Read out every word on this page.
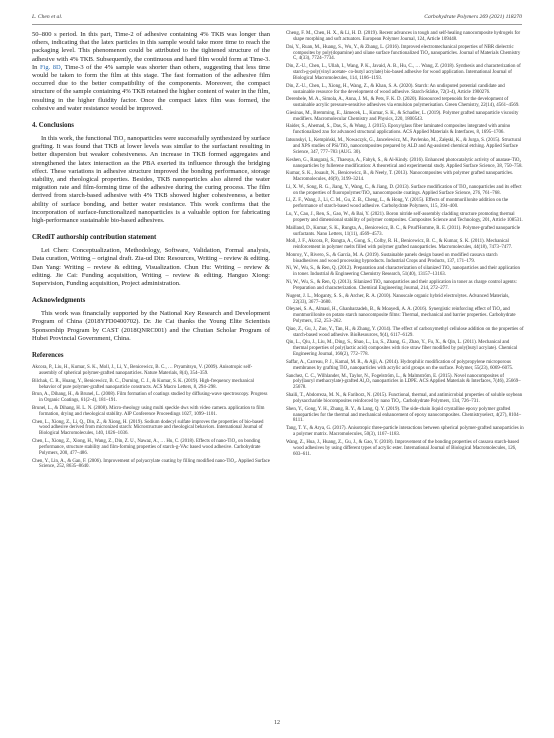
L. Chen et al.	Carbohydrate Polymers 269 (2021) 118270

50–800 s period. In this part, Time-2 of adhesive containing 4% TKB was longer than others, indicating that the latex particles in this sample would take more time to reach the packaging level. This phenomenon could be attributed to the tightened structure of the adhesive with 4% TKB. Subsequently, the continuous and hard film would form at Time-3. In Fig. 8D, Time-3 of the 4% sample was shorter than others, suggesting that less time would be taken to form the film at this stage. The fast formation of the adhesive film occurred due to the better compatibility of the components. Moreover, the compact structure of the sample containing 4% TKB retained the higher content of water in the film, resulting in the higher fluidity factor. Once the compact latex film was formed, the cohesive and water resistance would be improved.

4. Conclusions

In this work, the functional TiO₂ nanoparticles were successfully synthesized by surface grafting. It was found that TKB at lower levels was similar to the surfactant resulting in better dispersion but weaker cohesiveness. An increase in TKB formed aggregates and strengthened the latex interaction as the PBA exerted its influence through the bridging effect. These variations in adhesive structure improved the bonding performance, storage stability, and rheological properties. Besides, TKB nanoparticles also altered the water migration rate and film-forming time of the adhesive during the curing process. The film derived from starch-based adhesive with 4% TKB showed higher cohesiveness, a better ability of surface bonding, and better water resistance. This work confirms that the incorporation of surface-functionalized nanoparticles is a valuable option for fabricating high-performance sustainable bio-based adhesives.

CRediT authorship contribution statement

Lei Chen: Conceptualization, Methodology, Software, Validation, Formal analysis, Data curation, Writing – original draft. Zia-ud Din: Resources, Writing – review & editing. Dan Yang: Writing – review & editing, Visualization. Chun Hu: Writing – review & editing. Jie Cai: Funding acquisition, Writing – review & editing. Hanguo Xiong: Supervision, Funding acquisition, Project administration.

Acknowledgments

This work was financially supported by the National Key Research and Development Program of China (2018YFD0400702). Dr. Jie Cai thanks the Young Elite Scientists Sponsorship Program by CAST (2018QNRC001) and the Chutian Scholar Program of Hubei Provincial Government, China.

References

Akcora, P., Liu, H., Kumar, S. K., Moll, J., Li, Y., Benicewicz, B. C., … Pryamitsyn, V. (2009). Anisotropic self-assembly of spherical polymer-grafted nanoparticles. Nature Materials, 8(4), 354–359.

Bilchak, C. R., Huang, Y., Benicewicz, B. C., Durning, C. J., & Kumar, S. K. (2019). High-frequency mechanical behavior of pure polymer-grafted nanoparticle constructs. ACS Macro Letters, 8, 294–298.

Brun, A., Dihang, H., & Brunel, L. (2008). Film formation of coatings studied by diffusing-wave spectroscopy. Progress in Organic Coatings, 61(2–4), 181–191.

Brunel, L., & Dihang, H. L. N. (2008). Micro-rheology using multi speckle dws with video camera. application to film formation, drying and rheological stability. AIP Conference Proceedings 1027, 1099–1101.

Chen, L., Xiong, Z., Li, Q., Din, Z., & Xiong, H. (2019). Sodium dodecyl sulfate improves the properties of bio-based wood adhesive derived from micronized starch: Microstructure and rheological behaviors. International Journal of Biological Macromolecules, 140, 1026–1036.

Chen, L., Xiong, Z., Xiong, H., Wang, Z., Din, Z. U., Nawaz, A., … Hu, C. (2018). Effects of nano-TiO₂ on bonding performance, structure stability and film-forming properties of starch-g-VAc based wood adhesive. Carbohydrate Polymers, 200, 477–486.

Chen, Y., Lin, A., & Gan, F. (2006). Improvement of polyacrylate coating by filling modified nano-TiO₂. Applied Surface Science, 252, 8635–8640.

Cheng, F. M., Chen, H. X., & Li, H. D. (2019). Recent advances in tough and self-healing nanocomposite hydrogels for shape morphing and soft actuators. European Polymer Journal, 124, Article 109448.

Dai, Y., Ruan, M., Huang, S., Wu, Y., & Zhang, L. (2016). Improved electromechanical properties of NBR dielectric composites by poly(dopamine) and silane surface functionalized TiO₂ nanoparticles. Journal of Materials Chemistry C, 4(33), 7724–7734.

Din, Z.-U., Chen, L., Ullah, I., Wang, P. K., Javaid, A. B., Hu, C., … Wang, Z. (2018). Synthesis and characterization of starch-g-poly(vinyl acetate- co-butyl acrylate) bio-based adhesive for wood application. International Journal of Biological Macromolecules, 114, 1186–1193.

Din, Z.-U., Chen, L., Xiong, H., Wang, Z., & Khan, S. A. (2020). Starch: An undisputed potential candidate and sustainable resource for the development of wood adhesive. Starch-Stärke, 72(3-4), Article 1900276.

Derenbele, M. A., Simola, A., Anna, J. M., & Pets, F. K. D. (2020). Biosourced terpenoids for the development of sustainable acrylic pressure-sensitive adhesives via emulsion polymerisation. Green Chemistry, 22(14), 4561–4569.

Giesinas, M., Bremming, E., Jámecek, L., Kumar, S. K., & Schadler, L. (2019). Polymer grafted nanoparticle viscosity modifiers. Macromolecular Chemistry and Physics, 220, 1800543.

Haider, S., Ahemad, S., Das, S., & Wang, J. (2015). Epoxy/glass fiber laminated composites integrated with amino functionalized zno for advanced structural applications. ACS Applied Materials & Interfaces, 8, 1695–1706.

Iatsunskyi, I., Kempiński, M., Nowaczyk, G., Jancelewicz, M., Pavlenko, M., Załęski, K., & Jurga, S. (2015). Structural and XPS studies of PSi/TiO₂ nanocomposites prepared by ALD and Ag-assisted chemical etching. Applied Surface Science, 347, 777–783 (AUG. 30).

Keshen, G., Rangaraj, S., Thaeuya, A., Fabyk, S., & Al-Kindy. (2016). Enhanced photocatalytic activity of anatase-TiO₂ nanoparticles by fullerene modification: A theoretical and experimental study. Applied Surface Science, 38, 750–758.

Kumar, S. K., Jouault, N., Benicewicz, B., & Neely, T. (2013). Nanocomposites with polymer grafted nanoparticles. Macromolecules, 46(9), 3199–3214.

Li, X. W., Song, R. G., Jiang, Y., Wang, C., & Jiang, D. (2013). Surface modification of TiO₂ nanoparticles and its effect on the properties of fluoropolymer/TiO₂ nanocomposite coatings. Applied Surface Science, 276, 761–768.

Li, Z. F., Wang, J., Li, C. M., Gu, Z. B., Cheng, L., & Hong, Y. (2015). Effects of montmorillonite addition on the performance of starch-based wood adhesive. Carbohydrate Polymers, 115, 394–400.

Lu, Y., Cao, J., Ren, S., Gao, W., & Bai, Y. (2021). Boron nitride self-assembly cladding structure promoting thermal property and dimensional stability of polymer composites. Composites Science and Technology, 201, Article 108531.

Mailland, D., Kumar, S. K., Rungta, A., Benicewicz, B. C., & Prud'Homme, R. E. (2011). Polymer-grafted nanoparticle surfactants. Nano Letters, 11(11), 4569–4573.

Moll, J. F., Akcora, P., Rungta, A., Gong, S., Colby, R. H., Benicewicz, B. C., & Kumar, S. K. (2011). Mechanical reinforcement in polymer melts filled with polymer grafted nanoparticles. Macromolecules, 44(18), 7473–7477.

Monroy, Y., Rivero, S., & García, M. A. (2019). Sustainable panels design based on modified cassava starch bioadhesives and wood processing byproducts. Industrial Crops and Products, 137, 171–179.

Ni, W., Wu, S., & Ren, Q. (2012). Preparation and characterization of silanized TiO₂ nanoparticles and their application in toner. Industrial & Engineering Chemistry Research, 51(40), 13157–13163.

Ni, W., Wu, S., & Ren, Q. (2013). Silanized TiO₂ nanoparticles and their application in toner as charge control agents: Preparation and characterization. Chemical Engineering Journal, 214, 272–277.

Nugent, J. L., Moganty, S. S., & Archer, R. A. (2010). Nanoscale organic hybrid electrolytes. Advanced Materials, 22(33), 3677–3680.

Oleyaei, S. A., Almasi, H., Ghanbarzadeh, B., & Moayedi, A. A. (2016). Synergistic reinforcing effect of TiO₂ and montmorillonite on potato starch nanocomposite films: Thermal, mechanical and barrier properties. Carbohydrate Polymers, 152, 253–262.

Qiao, Z., Gu, J., Zuo, Y., Tan, H., & Zhang, Y. (2014). The effect of carboxymethyl cellulose addition on the properties of starch-based wood adhesive. BioResources, 9(4), 6117–6129.

Qin, L., Qiu, J., Liu, M., Ding, S., Shao, L., Lu, S., Zhang, G., Zhao, Y., Fu, X., & Qin, L. (2011). Mechanical and thermal properties of poly(lactic acid) composites with rice straw fiber modified by poly(butyl acrylate). Chemical Engineering Journal, 166(2), 772–778.

Saffar, A., Carreau, P. J., Kamal, M. R., & Ajji, A. (2014). Hydrophilic modification of polypropylene microporous membranes by grafting TiO₂ nanoparticles with acrylic acid groups on the surface. Polymer, 55(23), 6069–6075.

Sanchez, C. C., Wilhlander, M., Taylor, N., Fogelström, L., & Malmström, E. (2015). Novel nanocomposites of poly(lauryl methacrylate)-grafted Al₂O₃ nanoparticles in LDPE. ACS Applied Materials & Interfaces, 7(46), 25669–25678.

Shaili, T., Abdorreza, M. N., & Fariborz, N. (2015). Functional, thermal, and antimicrobial properties of soluble soybean polysaccharide biocomposites reinforced by nano TiO₂. Carbohydrate Polymers, 134, 726–731.

Shen, Y., Gong, Y. H., Zhang, R. Y., & Lang, Q. Y. (2019). The side-chain liquid crystalline epoxy polymer grafted nanoparticles for the thermal and mechanical enhancement of epoxy nanocomposites. Chemistryselect, 4(27), 8104–8111.

Tang, T. Y., & Arya, G. (2017). Anisotropic three-particle interactions between spherical polymer-grafted nanoparticles in a polymer matrix. Macromolecules, 50(3), 1167–1183.

Wang, Z., Hua, J., Huang, Z., Gu, J., & Gao, Y. (2018). Improvement of the bonding properties of cassava starch-based wood adhesives by using different types of acrylic ester. International Journal of Biological Macromolecules, 126, 603–611.

12
